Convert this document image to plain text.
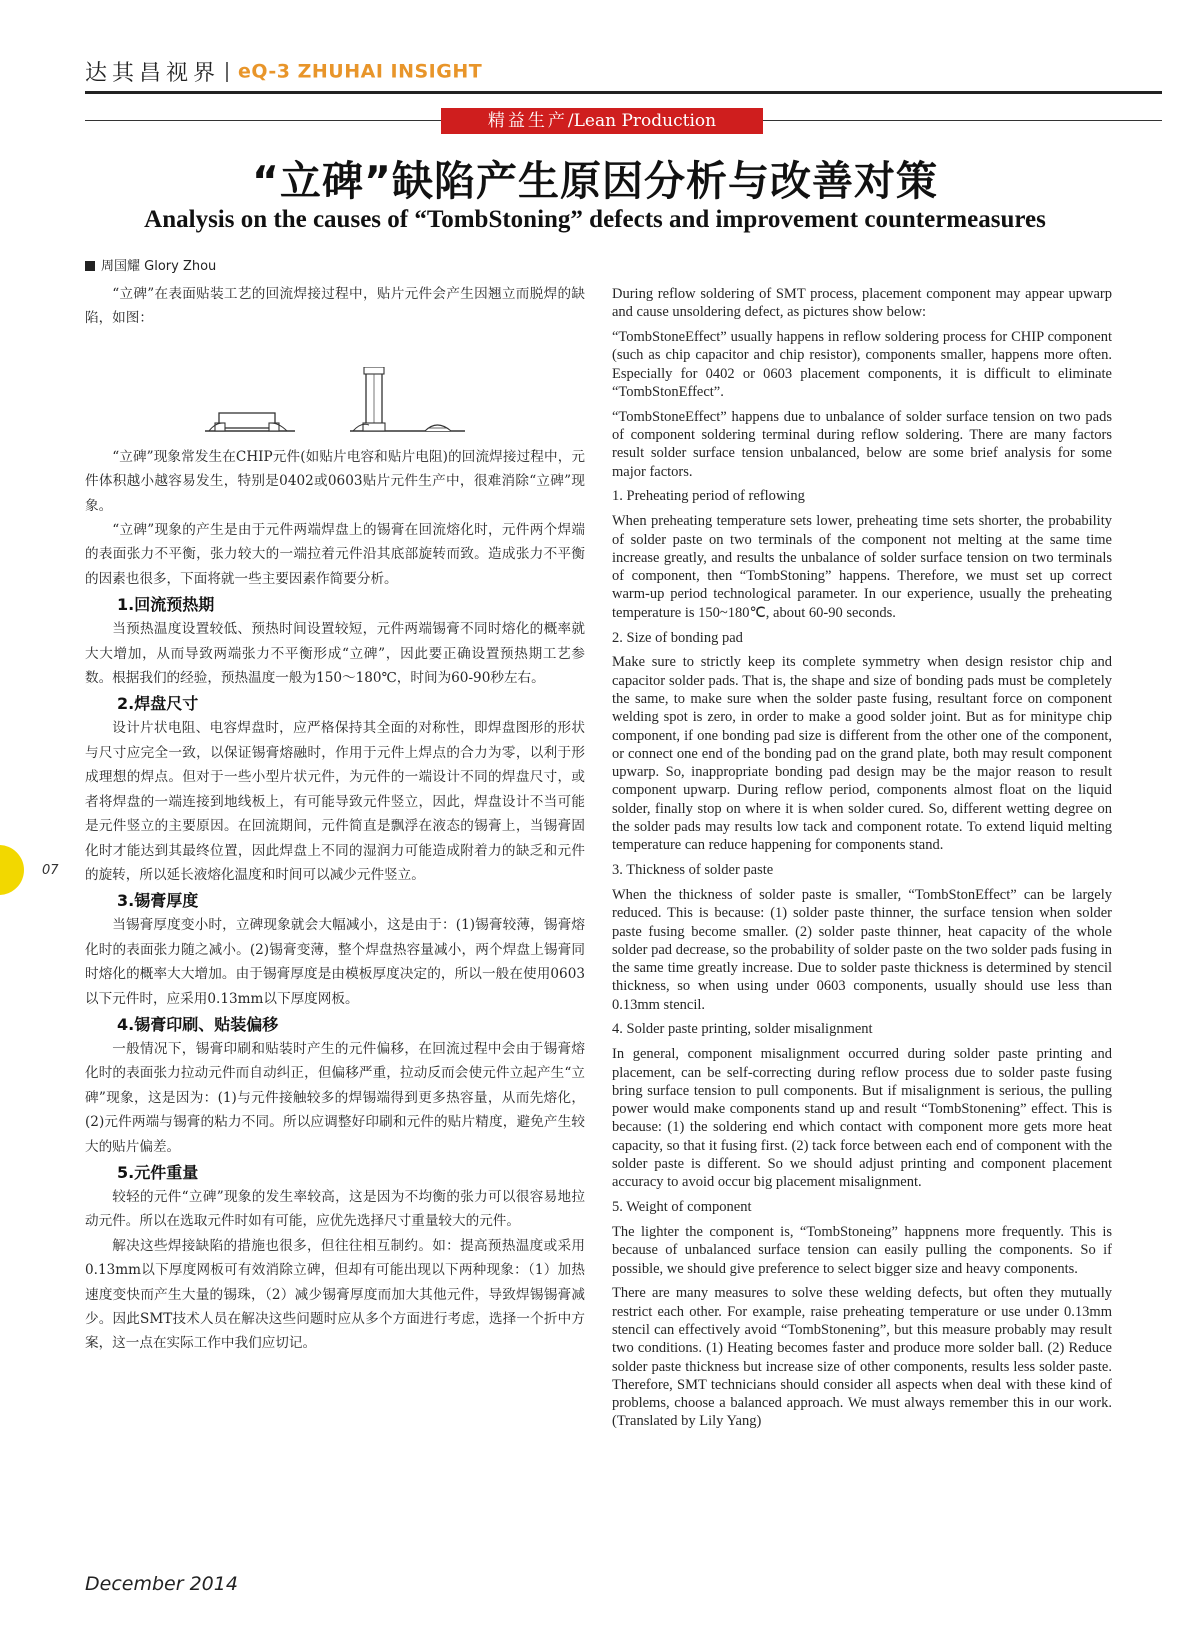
达其昌视界 eQ-3 ZHUHAI INSIGHT
精益生产/Lean Production
“立碑”缺陷产生原因分析与改善对策
Analysis on the causes of “TombStoning” defects and improvement countermeasures
周国耀 Glory Zhou

“立碑”在表面贴装工艺的回流焊接过程中，贴片元件会产生因翘立而脱焊的缺陷，如图：

“立碑”现象常发生在CHIP元件(如贴片电容和贴片电阻)的回流焊接过程中，元件体积越小越容易发生，特别是0402或0603贴片元件生产中，很难消除“立碑”现象。

“立碑”现象的产生是由于元件两端焊盘上的锡膏在回流熔化时，元件两个焊端的表面张力不平衡，张力较大的一端拉着元件沿其底部旋转而致。造成张力不平衡的因素也很多，下面将就一些主要因素作简要分析。

1.回流预热期

当预热温度设置较低、预热时间设置较短，元件两端锡膏不同时熔化的概率就大大增加，从而导致两端张力不平衡形成“立碑”，因此要正确设置预热期工艺参数。根据我们的经验，预热温度一般为150～180℃，时间为60-90秒左右。

2.焊盘尺寸

设计片状电阻、电容焊盘时，应严格保持其全面的对称性，即焊盘图形的形状与尺寸应完全一致，以保证锡膏熔融时，作用于元件上焊点的合力为零，以利于形成理想的焊点。但对于一些小型片状元件，为元件的一端设计不同的焊盘尺寸，或者将焊盘的一端连接到地线板上，有可能导致元件竖立，因此，焊盘设计不当可能是元件竖立的主要原因。在回流期间，元件简直是飘浮在液态的锡膏上，当锡膏固化时才能达到其最终位置，因此焊盘上不同的湿润力可能造成附着力的缺乏和元件的旋转，所以延长液熔化温度和时间可以减少元件竖立。

3.锡膏厚度

当锡膏厚度变小时，立碑现象就会大幅减小，这是由于：(1)锡膏较薄，锡膏熔化时的表面张力随之减小。(2)锡膏变薄，整个焊盘热容量减小，两个焊盘上锡膏同时熔化的概率大大增加。由于锡膏厚度是由模板厚度决定的，所以一般在使用0603以下元件时，应采用0.13mm以下厚度网板。

4.锡膏印刷、贴装偏移

一般情况下，锡膏印刷和贴装时产生的元件偏移，在回流过程中会由于锡膏熔化时的表面张力拉动元件而自动纠正，但偏移严重，拉动反而会使元件立起产生“立碑”现象，这是因为：(1)与元件接触较多的焊锡端得到更多热容量，从而先熔化，(2)元件两端与锡膏的粘力不同。所以应调整好印刷和元件的贴片精度，避免产生较大的贴片偏差。

5.元件重量

较轻的元件“立碑”现象的发生率较高，这是因为不均衡的张力可以很容易地拉动元件。所以在选取元件时如有可能，应优先选择尺寸重量较大的元件。

解决这些焊接缺陷的措施也很多，但往往相互制约。如：提高预热温度或采用0.13mm以下厚度网板可有效消除立碑，但却有可能出现以下两种现象：（1）加热速度变快而产生大量的锡珠，（2）减少锡膏厚度而加大其他元件，导致焊锡锡膏减少。因此SMT技术人员在解决这些问题时应从多个方面进行考虑，选择一个折中方案，这一点在实际工作中我们应切记。

During reflow soldering of SMT process, placement component may appear upwarp and cause unsoldering defect, as pictures show below:

“TombStoneEffect” usually happens in reflow soldering process for CHIP component (such as chip capacitor and chip resistor), components smaller, happens more often. Especially for 0402 or 0603 placement components, it is difficult to eliminate “TombStonEffect”.

“TombStoneEffect” happens due to unbalance of solder surface tension on two pads of component soldering terminal during reflow soldering. There are many factors result solder surface tension unbalanced, below are some brief analysis for some major factors.

1. Preheating period of reflowing

When preheating temperature sets lower, preheating time sets shorter, the probability of solder paste on two terminals of the component not melting at the same time increase greatly, and results the unbalance of solder surface tension on two terminals of component, then “TombStoning” happens. Therefore, we must set up correct warm-up period technological parameter. In our experience, usually the preheating temperature is 150~180℃, about 60-90 seconds.

2. Size of bonding pad

Make sure to strictly keep its complete symmetry when design resistor chip and capacitor solder pads. That is, the shape and size of bonding pads must be completely the same, to make sure when the solder paste fusing, resultant force on component welding spot is zero, in order to make a good solder joint. But as for minitype chip component, if one bonding pad size is different from the other one of the component, or connect one end of the bonding pad on the grand plate, both may result component upwarp. So, inappropriate bonding pad design may be the major reason to result component upwarp. During reflow period, components almost float on the liquid solder, finally stop on where it is when solder cured. So, different wetting degree on the solder pads may results low tack and component rotate. To extend liquid melting temperature can reduce happening for components stand.

3. Thickness of solder paste

When the thickness of solder paste is smaller, “TombStonEffect” can be largely reduced. This is because: (1) solder paste thinner, the surface tension when solder paste fusing become smaller. (2) solder paste thinner, heat capacity of the whole solder pad decrease, so the probability of solder paste on the two solder pads fusing in the same time greatly increase. Due to solder paste thickness is determined by stencil thickness, so when using under 0603 components, usually should use less than 0.13mm stencil.

4. Solder paste printing, solder misalignment

In general, component misalignment occurred during solder paste printing and placement, can be self-correcting during reflow process due to solder paste fusing bring surface tension to pull components. But if misalignment is serious, the pulling power would make components stand up and result “TombStonening” effect. This is because: (1) the soldering end which contact with component more gets more heat capacity, so that it fusing first. (2) tack force between each end of component with the solder paste is different. So we should adjust printing and component placement accuracy to avoid occur big placement misalignment.

5. Weight of component

The lighter the component is, “TombStoneing” happnens more frequently. This is because of unbalanced surface tension can easily pulling the components. So if possible, we should give preference to select bigger size and heavy components.

There are many measures to solve these welding defects, but often they mutually restrict each other. For example, raise preheating temperature or use under 0.13mm stencil can effectively avoid “TombStonening”, but this measure probably may result two conditions. (1) Heating becomes faster and produce more solder ball. (2) Reduce solder paste thickness but increase size of other components, results less solder paste. Therefore, SMT technicians should consider all aspects when deal with these kind of problems, choose a balanced approach. We must always remember this in our work. (Translated by Lily Yang)

07
December 2014
